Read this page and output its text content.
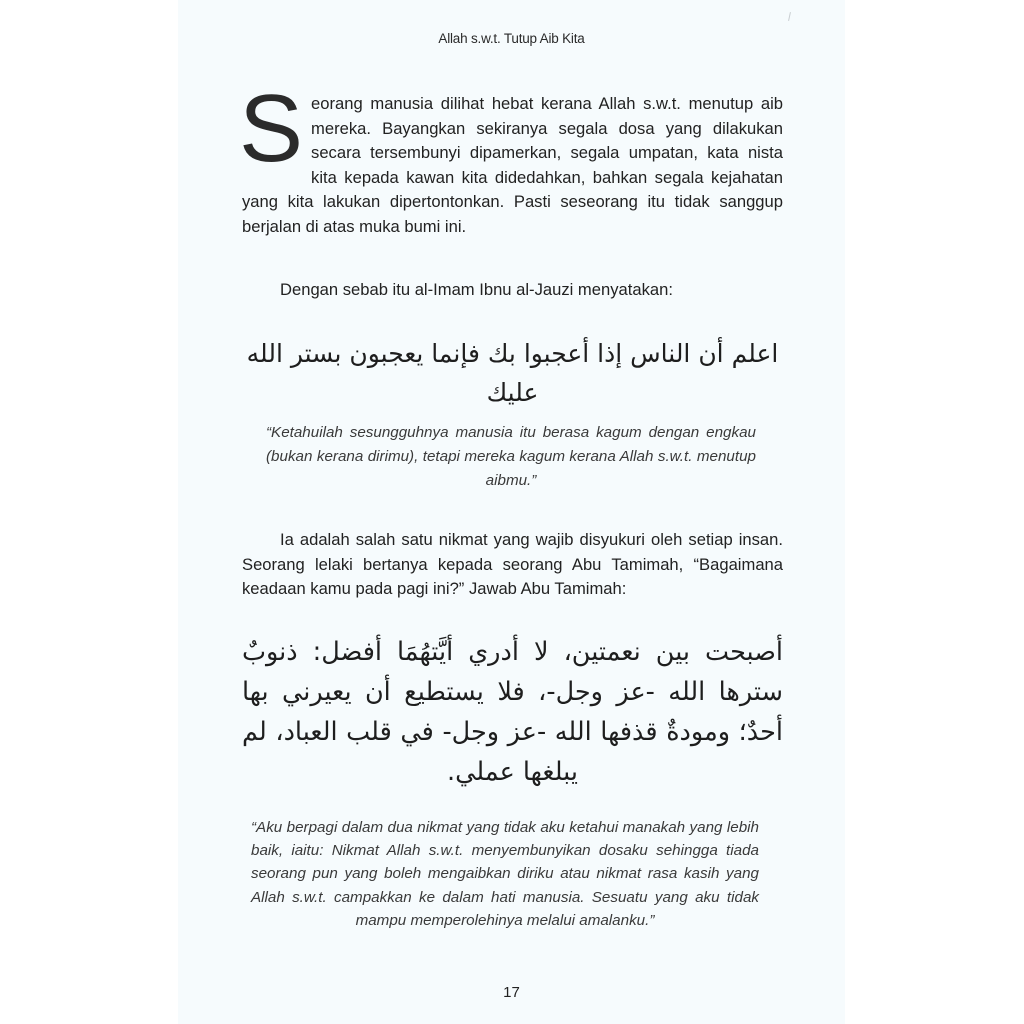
Allah s.w.t. Tutup Aib Kita
S eorang manusia dilihat hebat kerana Allah s.w.t. menutup aib mereka. Bayangkan sekiranya segala dosa yang dilakukan secara tersembunyi dipamerkan, segala umpatan, kata nista kita kepada kawan kita didedahkan, bahkan segala kejahatan yang kita lakukan dipertontonkan. Pasti seseorang itu tidak sanggup berjalan di atas muka bumi ini.
Dengan sebab itu al-Imam Ibnu al-Jauzi menyatakan:
اعلم أن الناس إذا أعجبوا بك فإنما يعجبون بستر الله عليك
“Ketahuilah sesungguhnya manusia itu berasa kagum dengan engkau (bukan kerana dirimu), tetapi mereka kagum kerana Allah s.w.t. menutup aibmu.”
Ia adalah salah satu nikmat yang wajib disyukuri oleh setiap insan. Seorang lelaki bertanya kepada seorang Abu Tamimah, “Bagaimana keadaan kamu pada pagi ini?” Jawab Abu Tamimah:
أصبحت بين نعمتين، لا أدري أيَّتهُمَا أفضل: ذنوبٌ سترها الله -عز وجل-، فلا يستطيع أن يعيرني بها أحدٌ؛ ومودةٌ قذفها الله -عز وجل- في قلب العباد، لم يبلغها عملي.
“Aku berpagi dalam dua nikmat yang tidak aku ketahui manakah yang lebih baik, iaitu: Nikmat Allah s.w.t. menyembunyikan dosaku sehingga tiada seorang pun yang boleh mengaibkan diriku atau nikmat rasa kasih yang Allah s.w.t. campakkan ke dalam hati manusia. Sesuatu yang aku tidak mampu memperolehinya melalui amalanku.”
17
